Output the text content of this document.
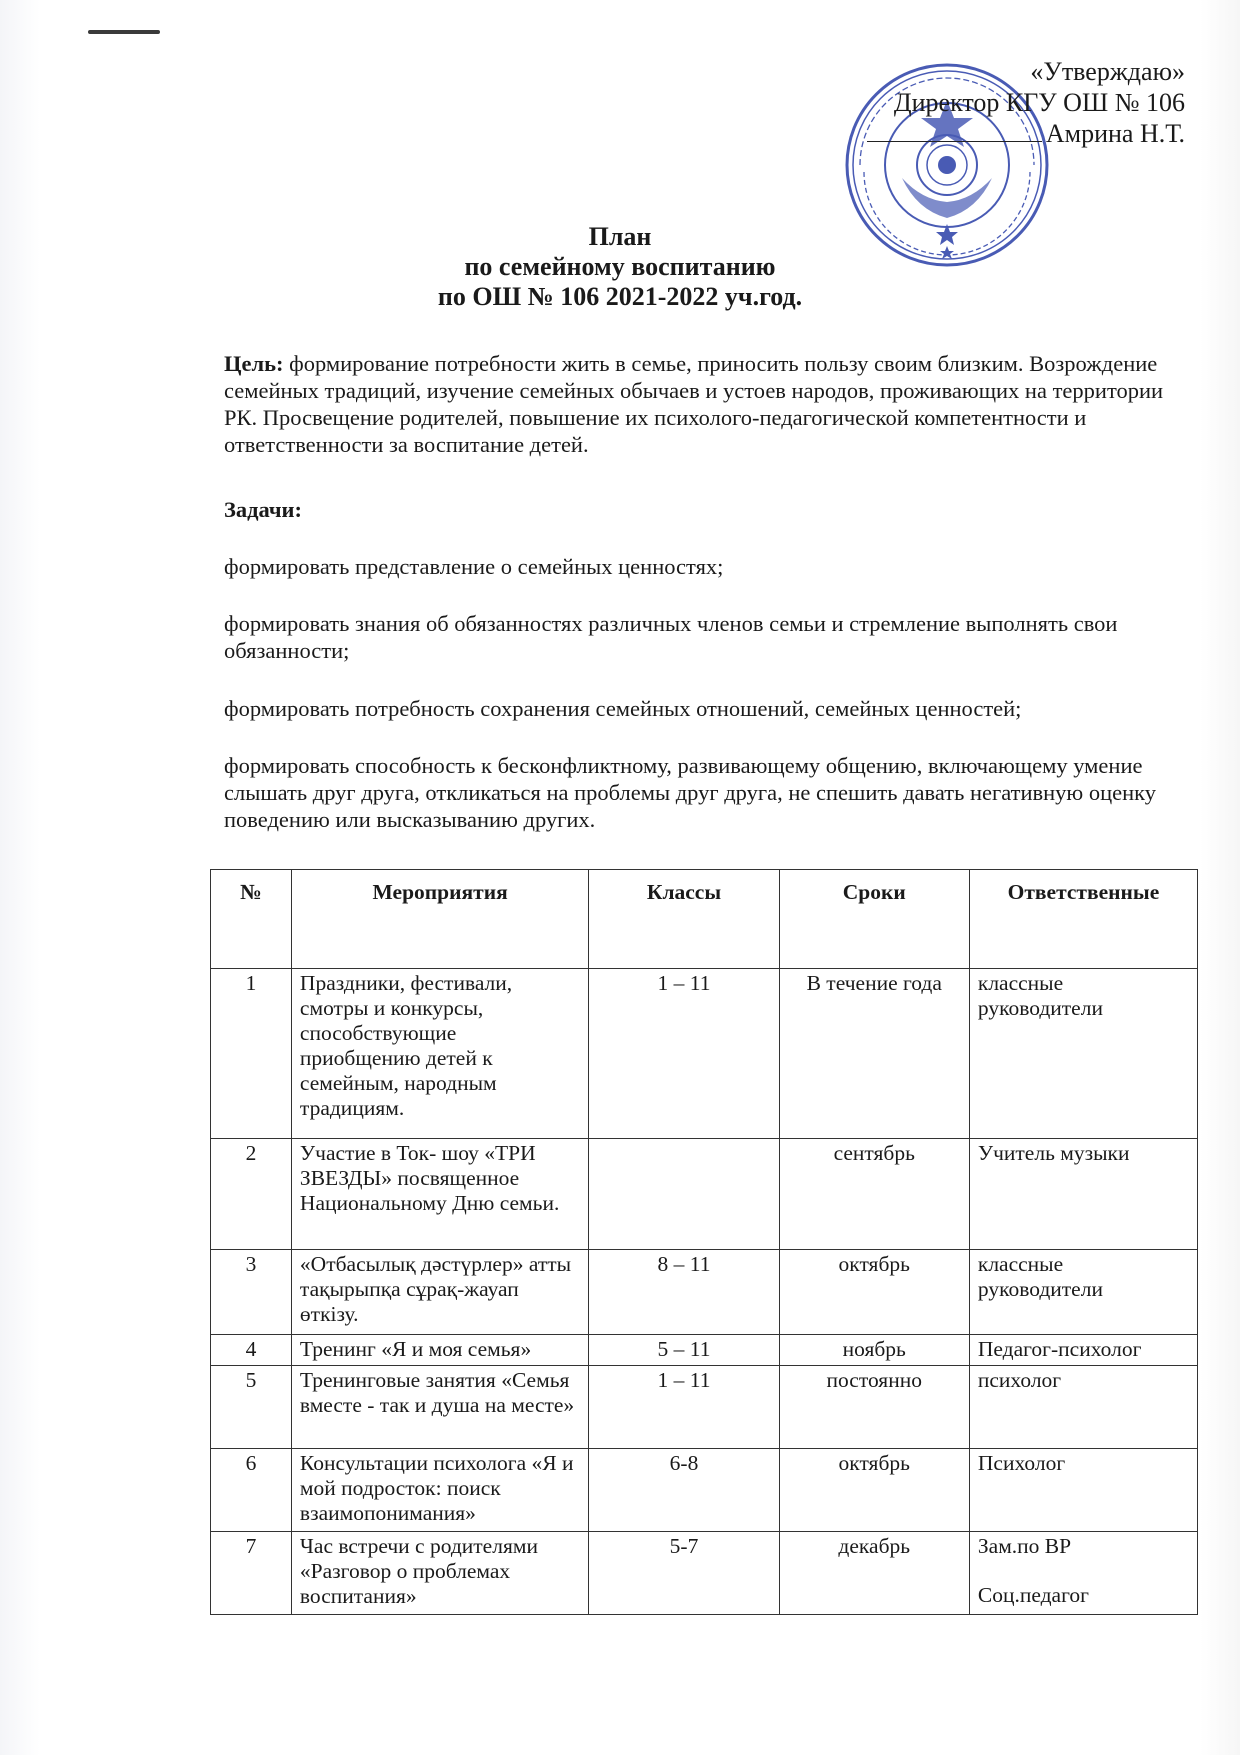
«Утверждаю»
Директор КГУ ОШ № 106
Амрина Н.Т.
План
по семейному воспитанию
по ОШ № 106 2021-2022 уч.год.
Цель: формирование потребности жить в семье, приносить пользу своим близким. Возрождение семейных традиций, изучение семейных обычаев и устоев народов, проживающих на территории РК. Просвещение родителей, повышение их психолого-педагогической компетентности и ответственности за воспитание детей.
Задачи:
формировать представление о семейных ценностях;
формировать знания об обязанностях различных членов семьи и стремление выполнять свои обязанности;
формировать потребность сохранения семейных отношений, семейных ценностей;
формировать способность к бесконфликтному, развивающему общению, включающему умение слышать друг друга, откликаться на проблемы друг друга, не спешить давать негативную оценку поведению или высказыванию других.
№	Мероприятия	Классы	Сроки	Ответственные
1	Праздники, фестивали, смотры и конкурсы, способствующие приобщению детей к семейным, народным традициям.	1 – 11	В течение года	классные руководители
2	Участие в Ток- шоу «ТРИ ЗВЕЗДЫ» посвященное Национальному Дню семьи.		сентябрь	Учитель музыки
3	«Отбасылық дәстүрлер» атты тақырыпқа сұрақ-жауап өткізу.	8 – 11	октябрь	классные руководители
4	Тренинг «Я и моя семья»	5 – 11	ноябрь	Педагог-психолог
5	Тренинговые занятия «Семья вместе - так и душа на месте»	1 – 11	постоянно	психолог
6	Консультации психолога «Я и мой подросток: поиск взаимопонимания»	6-8	октябрь	Психолог
7	Час встречи с родителями «Разговор о проблемах воспитания»	5-7	декабрь	Зам.по ВР
Соц.педагог
